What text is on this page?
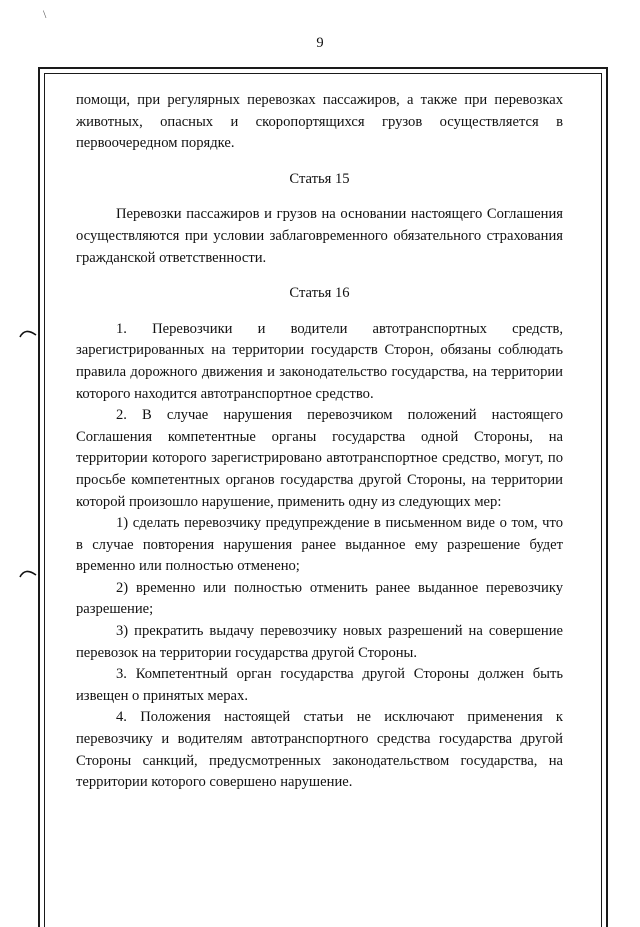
\
9

помощи, при регулярных перевозках пассажиров, а также при перевозках животных, опасных и скоропортящихся грузов осуществляется в первоочередном порядке.

Статья 15

Перевозки пассажиров и грузов на основании настоящего Соглашения осуществляются при условии заблаговременного обязательного страхования гражданской ответственности.

Статья 16

1. Перевозчики и водители автотранспортных средств, зарегистрированных на территории государств Сторон, обязаны соблюдать правила дорожного движения и законодательство государства, на территории которого находится автотранспортное средство.

2. В случае нарушения перевозчиком положений настоящего Соглашения компетентные органы государства одной Стороны, на территории которого зарегистрировано автотранспортное средство, могут, по просьбе компетентных органов государства другой Стороны, на территории которой произошло нарушение, применить одну из следующих мер:

1) сделать перевозчику предупреждение в письменном виде о том, что в случае повторения нарушения ранее выданное ему разрешение будет временно или полностью отменено;

2) временно или полностью отменить ранее выданное перевозчику разрешение;

3) прекратить выдачу перевозчику новых разрешений на совершение перевозок на территории государства другой Стороны.

3. Компетентный орган государства другой Стороны должен быть извещен о принятых мерах.

4. Положения настоящей статьи не исключают применения к перевозчику и водителям автотранспортного средства государства другой Стороны санкций, предусмотренных законодательством государства, на территории которого совершено нарушение.
